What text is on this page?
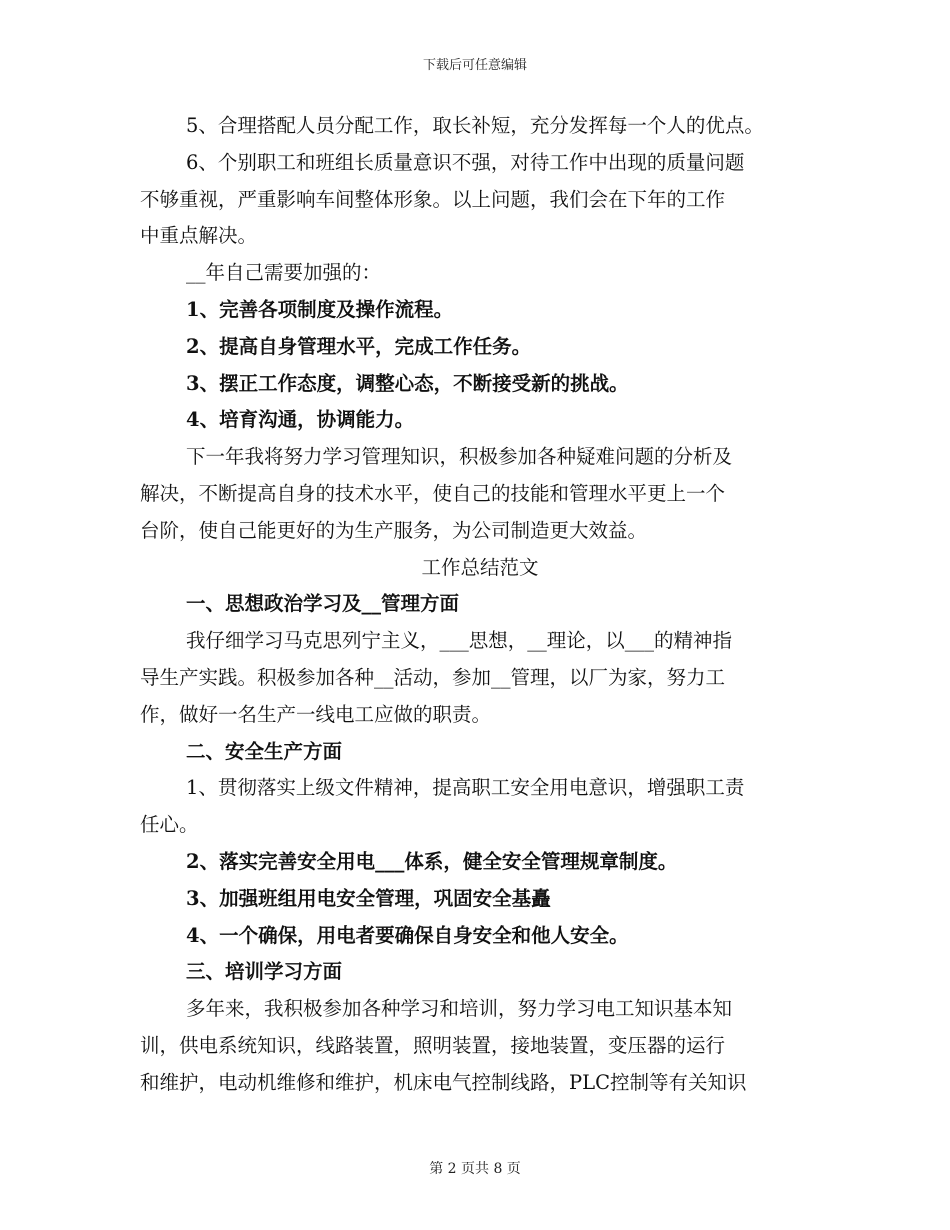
下载后可任意编辑
5、合理搭配人员分配工作，取长补短，充分发挥每一个人的优点。
6、个别职工和班组长质量意识不强，对待工作中出现的质量问题
不够重视，严重影响车间整体形象。以上问题，我们会在下年的工作
中重点解决。
__年自己需要加强的：
1、完善各项制度及操作流程。
2、提高自身管理水平，完成工作任务。
3、摆正工作态度，调整心态，不断接受新的挑战。
4、培育沟通，协调能力。
下一年我将努力学习管理知识，积极参加各种疑难问题的分析及
解决，不断提高自身的技术水平，使自己的技能和管理水平更上一个
台阶，使自己能更好的为生产服务，为公司制造更大效益。
工作总结范文
一、思想政治学习及__管理方面
我仔细学习马克思列宁主义，___思想，__理论，以___的精神指
导生产实践。积极参加各种__活动，参加__管理，以厂为家，努力工
作，做好一名生产一线电工应做的职责。
二、安全生产方面
1、贯彻落实上级文件精神，提高职工安全用电意识，增强职工责
任心。
2、落实完善安全用电___体系，健全安全管理规章制度。
3、加强班组用电安全管理，巩固安全基矗
4、一个确保，用电者要确保自身安全和他人安全。
三、培训学习方面
多年来，我积极参加各种学习和培训，努力学习电工知识基本知
训，供电系统知识，线路装置，照明装置，接地装置，变压器的运行
和维护，电动机维修和维护，机床电气控制线路，PLC控制等有关知识
第 2 页共 8 页
